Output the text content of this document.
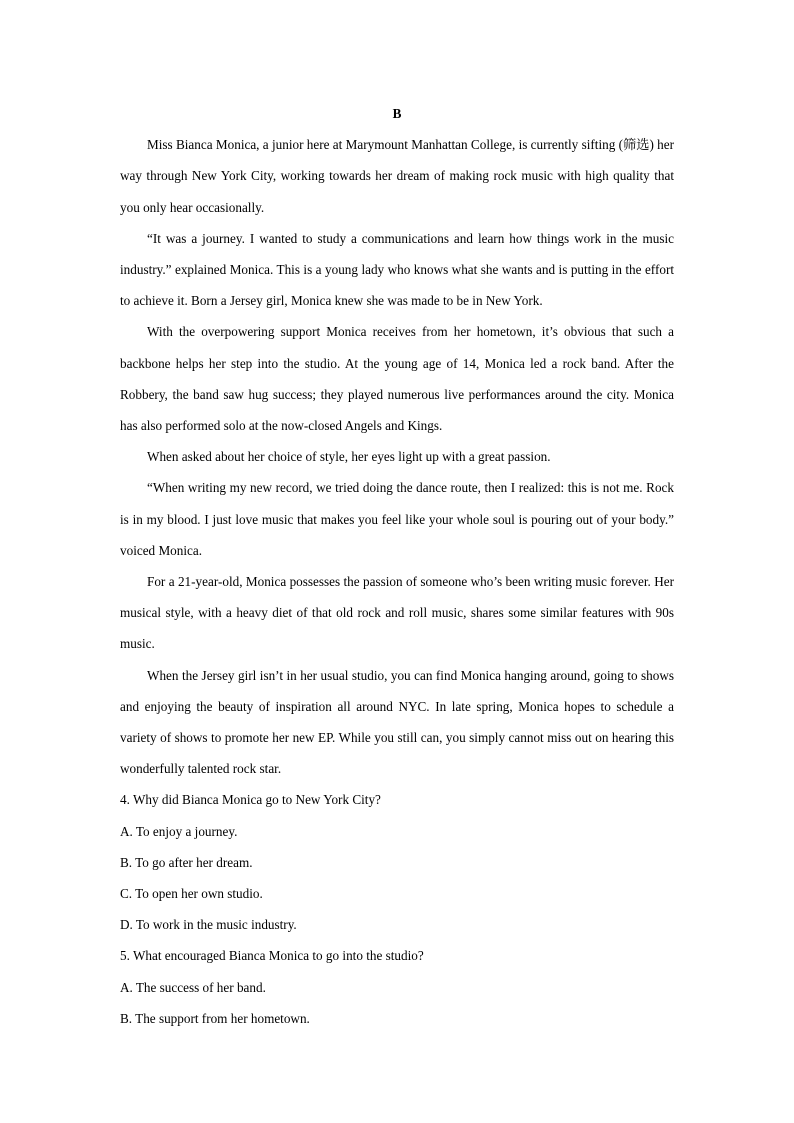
B

Miss Bianca Monica, a junior here at Marymount Manhattan College, is currently sifting (筛选) her way through New York City, working towards her dream of making rock music with high quality that you only hear occasionally.

“It was a journey. I wanted to study a communications and learn how things work in the music industry.” explained Monica. This is a young lady who knows what she wants and is putting in the effort to achieve it. Born a Jersey girl, Monica knew she was made to be in New York.

With the overpowering support Monica receives from her hometown, it’s obvious that such a backbone helps her step into the studio. At the young age of 14, Monica led a rock band. After the Robbery, the band saw hug success; they played numerous live performances around the city. Monica has also performed solo at the now-closed Angels and Kings.

When asked about her choice of style, her eyes light up with a great passion.

“When writing my new record, we tried doing the dance route, then I realized: this is not me. Rock is in my blood. I just love music that makes you feel like your whole soul is pouring out of your body.” voiced Monica.

For a 21-year-old, Monica possesses the passion of someone who’s been writing music forever. Her musical style, with a heavy diet of that old rock and roll music, shares some similar features with 90s music.

When the Jersey girl isn’t in her usual studio, you can find Monica hanging around, going to shows and enjoying the beauty of inspiration all around NYC. In late spring, Monica hopes to schedule a variety of shows to promote her new EP. While you still can, you simply cannot miss out on hearing this wonderfully talented rock star.

4. Why did Bianca Monica go to New York City?

A. To enjoy a journey.

B. To go after her dream.

C. To open her own studio.

D. To work in the music industry.

5. What encouraged Bianca Monica to go into the studio?

A. The success of her band.

B. The support from her hometown.
